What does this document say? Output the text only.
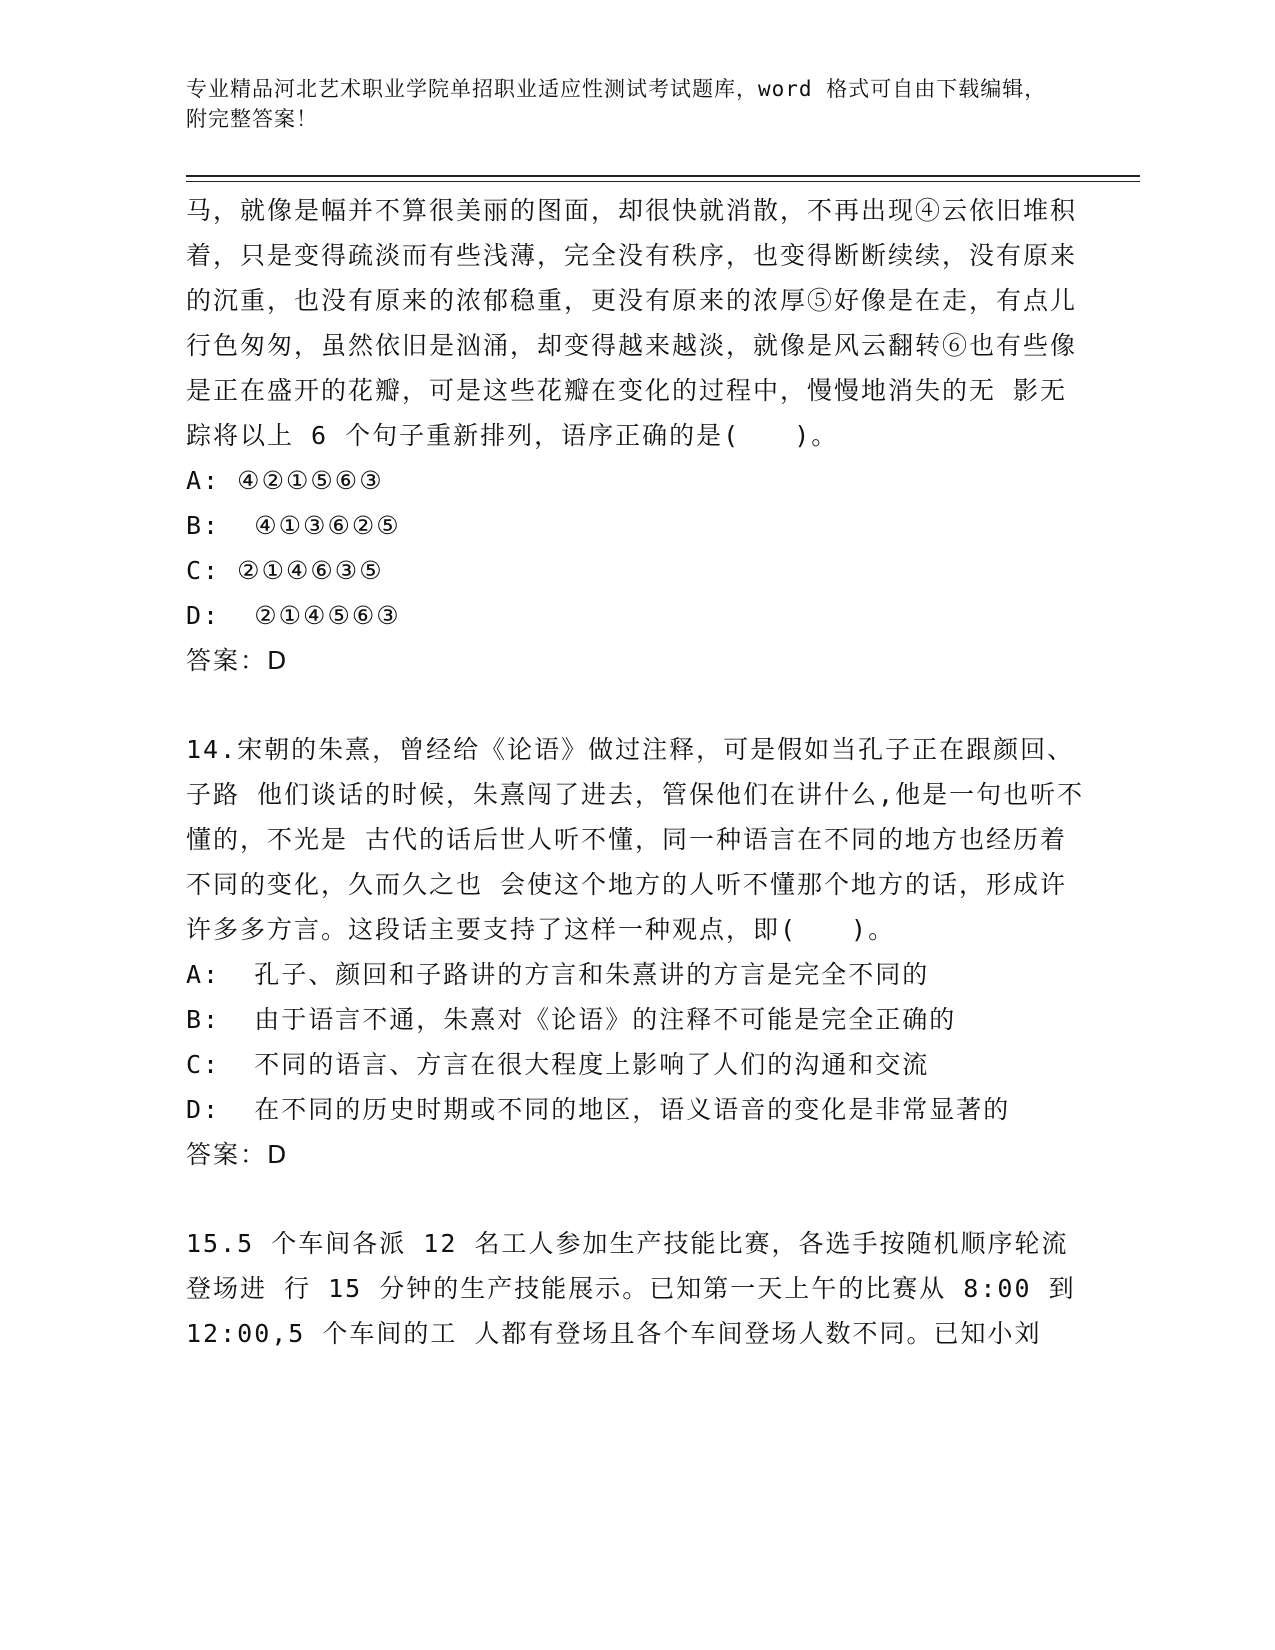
专业精品河北艺术职业学院单招职业适应性测试考试题库，word 格式可自由下载编辑，附完整答案！

马，就像是幅并不算很美丽的图面，却很快就消散，不再出现④云依旧堆积着，只是变得疏淡而有些浅薄，完全没有秩序，也变得断断续续，没有原来的沉重，也没有原来的浓郁稳重，更没有原来的浓厚⑤好像是在走，有点儿行色匆匆，虽然依旧是汹涌，却变得越来越淡，就像是风云翻转⑥也有些像是正在盛开的花瓣，可是这些花瓣在变化的过程中，慢慢地消失的无 影无踪将以上 6 个句子重新排列，语序正确的是(　　)。

A: ④②①⑤⑥③

B:  ④①③⑥②⑤

C: ②①④⑥③⑤

D:  ②①④⑤⑥③

答案：D

14.宋朝的朱熹，曾经给《论语》做过注释，可是假如当孔子正在跟颜回、子路 他们谈话的时候，朱熹闯了进去，管保他们在讲什么,他是一句也听不懂的，不光是 古代的话后世人听不懂，同一种语言在不同的地方也经历着不同的变化，久而久之也 会使这个地方的人听不懂那个地方的话，形成许许多多方言。这段话主要支持了这样一种观点，即(　　)。

A:  孔子、颜回和子路讲的方言和朱熹讲的方言是完全不同的

B:  由于语言不通，朱熹对《论语》的注释不可能是完全正确的

C:  不同的语言、方言在很大程度上影响了人们的沟通和交流

D:  在不同的历史时期或不同的地区，语义语音的变化是非常显著的

答案：D

15.5 个车间各派 12 名工人参加生产技能比赛，各选手按随机顺序轮流登场进 行 15 分钟的生产技能展示。已知第一天上午的比赛从 8:00 到 12:00,5 个车间的工 人都有登场且各个车间登场人数不同。已知小刘
